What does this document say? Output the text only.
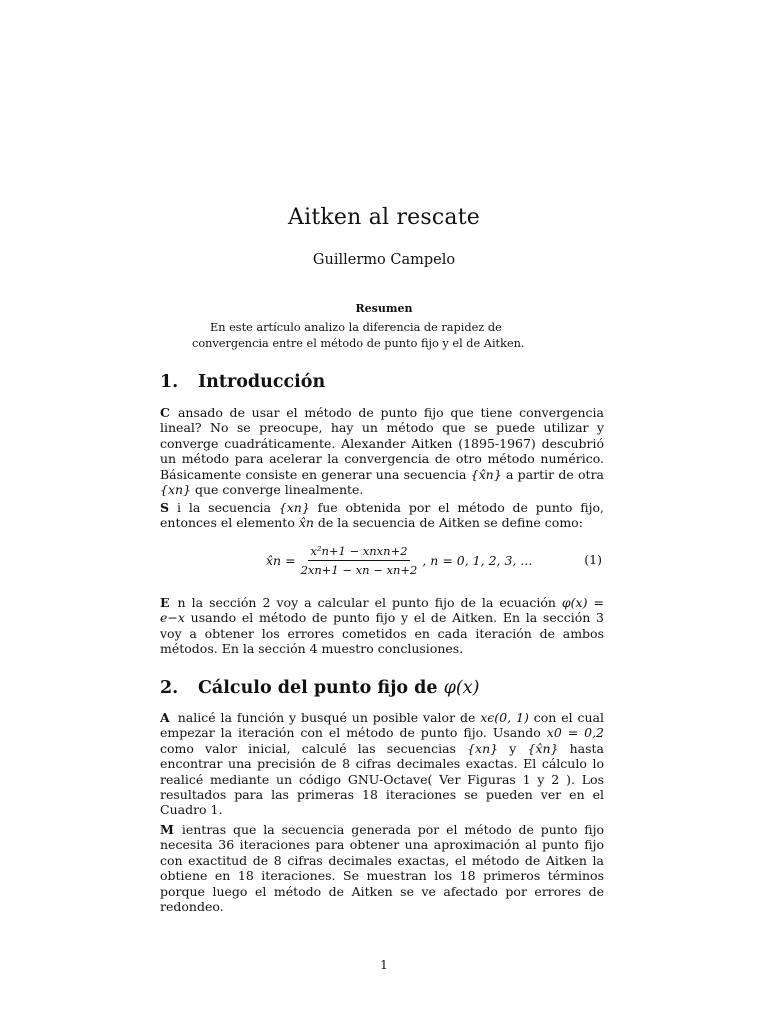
Aitken al rescate
Guillermo Campelo
Resumen
En este artículo analizo la diferencia de rapidez de convergencia entre el método de punto fijo y el de Aitken.
1. Introducción

C ansado de usar el método de punto fijo que tiene convergencia lineal? No se preocupe, hay un método que se puede utilizar y converge cuadráticamente. Alexander Aitken (1895-1967) descubrió un método para acelerar la convergencia de otro método numérico. Básicamente consiste en generar una secuencia {x̂n} a partir de otra {xn} que converge linealmente.

S i la secuencia {xn} fue obtenida por el método de punto fijo, entonces el elemento x̂n de la secuencia de Aitken se define como:

x̂n = $\frac{\text{x²n+1 − xnxn+2}}{2xn+1 - xn - xn+2}$ , n = 0, 1, 2, 3, ...	(1)

E n la sección 2 voy a calcular el punto fijo de la ecuación φ(x) = e−x usando el método de punto fijo y el de Aitken. En la sección 3 voy a obtener los errores cometidos en cada iteración de ambos métodos. En la sección 4 muestro conclusiones.

2. Cálculo del punto fijo de φ(x)

A nalicé la función y busqué un posible valor de xϵ(0, 1) con el cual empezar la iteración con el método de punto fijo. Usando x0 = 0,2 como valor inicial, calculé las secuencias {xn} y {x̂n} hasta encontrar una precisión de 8 cifras decimales exactas. El cálculo lo realicé mediante un código GNU-Octave( Ver Figuras 1 y 2 ). Los resultados para las primeras 18 iteraciones se pueden ver en el Cuadro 1.

M ientras que la secuencia generada por el método de punto fijo necesita 36 iteraciones para obtener una aproximación al punto fijo con exactitud de 8 cifras decimales exactas, el método de Aitken la obtiene en 18 iteraciones. Se muestran los 18 primeros términos porque luego el método de Aitken se ve afectado por errores de redondeo.

1
